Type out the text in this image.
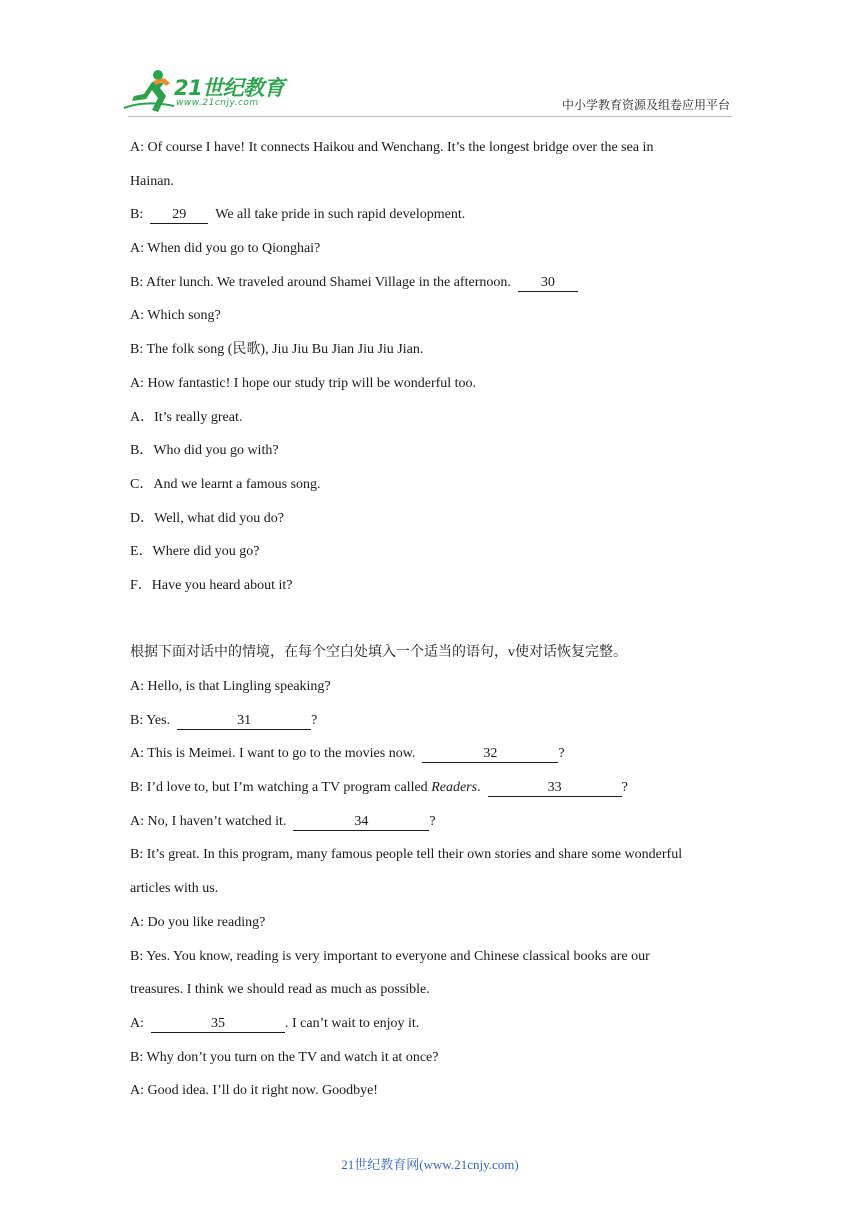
21世纪教育
www.21cnjy.com	中小学教育资源及组卷应用平台
A: Of course I have! It connects Haikou and Wenchang. It’s the longest bridge over the sea in
Hainan.
B: 29 We all take pride in such rapid development.
A: When did you go to Qionghai?
B: After lunch. We traveled around Shamei Village in the afternoon. 30
A: Which song?
B: The folk song (民歌), Jiu Jiu Bu Jian Jiu Jiu Jian.
A: How fantastic! I hope our study trip will be wonderful too.
A．It’s really great.
B．Who did you go with?
C．And we learnt a famous song.
D．Well, what did you do?
E．Where did you go?
F．Have you heard about it?
根据下面对话中的情境，在每个空白处填入一个适当的语句，v使对话恢复完整。
A: Hello, is that Lingling speaking?
B: Yes.	31	?
A: This is Meimei. I want to go to the movies now.	32	?
B: I’d love to, but I’m watching a TV program called Readers.	33	?
A: No, I haven’t watched it.	34	?
B: It’s great. In this program, many famous people tell their own stories and share some wonderful
articles with us.
A: Do you like reading?
B: Yes. You know, reading is very important to everyone and Chinese classical books are our
treasures. I think we should read as much as possible.
A:	35	. I can’t wait to enjoy it.
B: Why don’t you turn on the TV and watch it at once?
A: Good idea. I’ll do it right now. Goodbye!
21世纪教育网(www.21cnjy.com)
